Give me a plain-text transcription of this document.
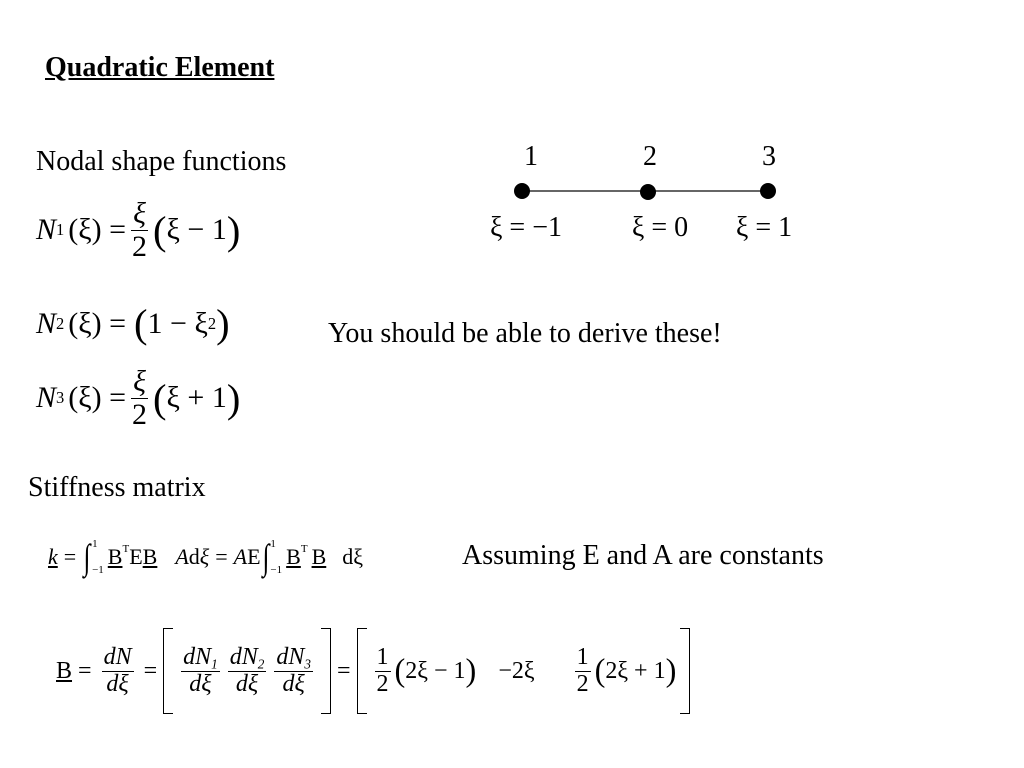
Quadratic Element
Nodal shape functions
N 1 $(\xi) = \frac{\xi}{2}$ ( ξ − 1 )
N 2 (ξ) = ( 1 − ξ 2 )
N 3 $(\xi) = \frac{\xi}{2}$ ( ξ + 1 )
1	2	3
ξ = −1 ξ = 0 ξ = 1
You should be able to derive these!
Stiffness matrix
k = ∫ 1
−1
B T E B A d ξ = A E ∫ 1
−1
B T B dξ	Assuming E and A are constants
$B = \frac{dN}{d\xi} = \frac{dN_1}{d\xi} \frac{dN_2}{d\xi} \frac{dN_3}{d\xi} = \frac{1}{2}$ ( 2ξ − 1 ) $-2\xi \frac{1}{2}$ ( 2ξ + 1 )
